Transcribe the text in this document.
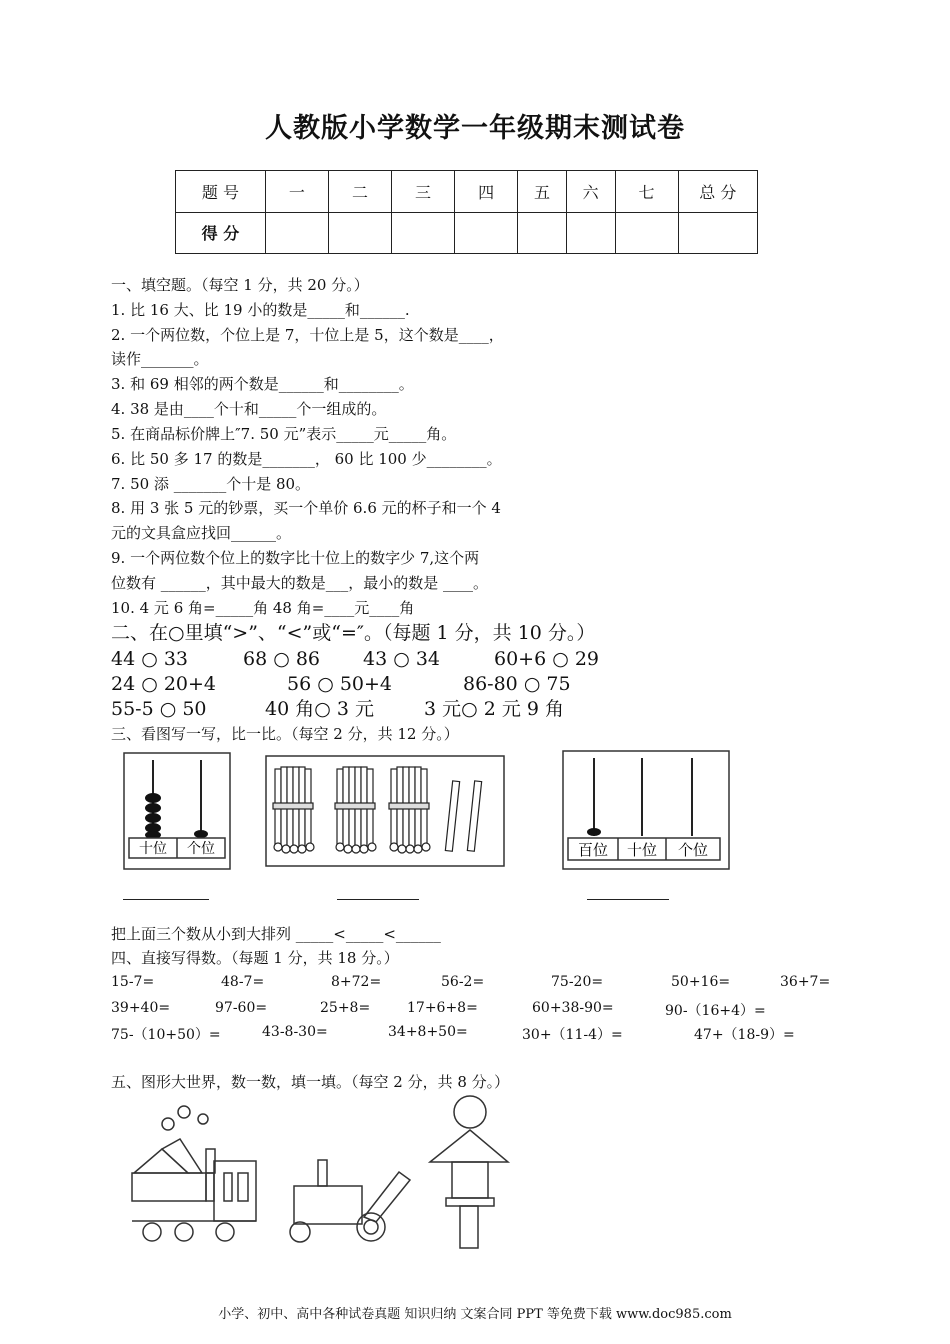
人教版小学数学一年级期末测试卷
题 号	一	二	三	四	五	六	七	总 分
得 分								
一、填空题。（每空 1 分，共 20 分。）
1. 比 16 大、比 19 小的数是_____和______.
2. 一个两位数，个位上是 7，十位上是 5，这个数是____，
读作_______。
3. 和 69 相邻的两个数是______和________。
4. 38 是由____个十和_____个一组成的。
5. 在商品标价牌上″7. 50 元”表示_____元_____角。
6. 比 50 多 17 的数是_______， 60 比 100 少________。
7. 50 添 _______个十是 80。
8. 用 3 张 5 元的钞票，买一个单价 6.6 元的杯子和一个 4
元的文具盒应找回______。
9. 一个两位数个位上的数字比十位上的数字少 7,这个两
位数有 ______，其中最大的数是___，最小的数是 ____。
10. 4 元 6 角=_____角 48 角=____元____角
二、在○里填“>”、“<”或“=″。（每题 1 分，共 10 分。）
44 ○ 33	68 ○ 86 43 ○ 34	60+6 ○ 29
24 ○ 20+4	56 ○ 50+4	86-80 ○ 75
55-5 ○ 50	40 角○ 3 元	3 元○ 2 元 9 角
三、看图写一写，比一比。（每空 2 分，共 12 分。）
十位 个位	百位 十位 个位
把上面三个数从小到大排列 _____<_____<______
四、直接写得数。（每题 1 分，共 18 分。）
15-7=	48-7=	8+72=	56-2=	75-20=	50+16=	36+7=
39+40=	97-60=	25+8=	17+6+8=	60+38-90=	90-（16+4）=
75-（10+50）=	43-8-30=	34+8+50=	30+（11-4）=	47+（18-9）=
五、图形大世界，数一数，填一填。（每空 2 分，共 8 分。）
小学、初中、高中各种试卷真题 知识归纳 文案合同 PPT 等免费下载 www.doc985.com
